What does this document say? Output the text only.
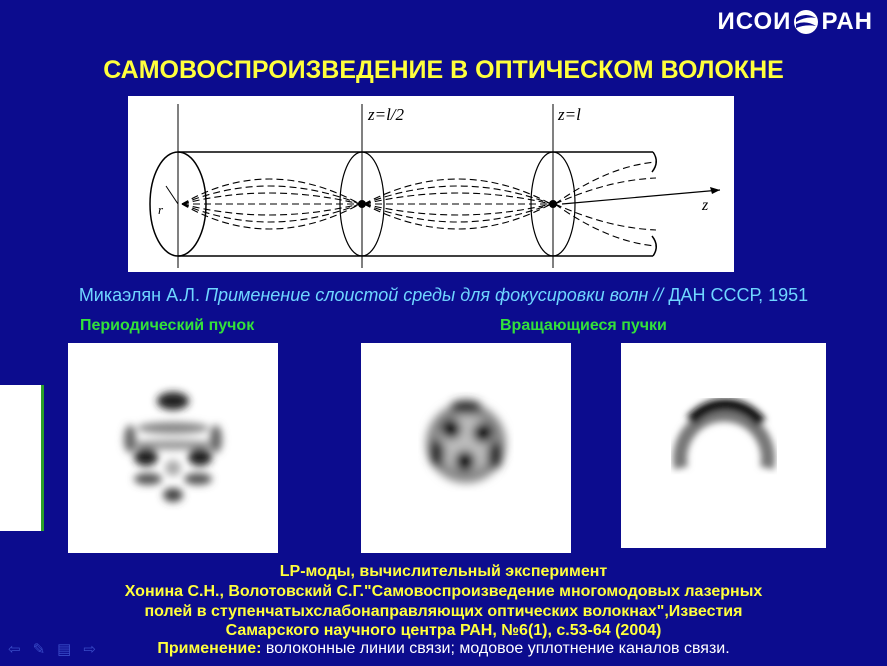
ИСОИ РАН
САМОВОСПРОИЗВЕДЕНИЕ В ОПТИЧЕСКОМ ВОЛОКНЕ
r
z=l/2	z=l
z
Микаэлян А.Л. Применение слоистой среды для фокусировки волн // ДАН СССР, 1951
Периодический пучок	Вращающиеся пучки
LP-моды, вычислительный эксперимент
Хонина С.Н., Волотовский С.Г."Самовоспроизведение многомодовых лазерных
полей в ступенчатыхслабонаправляющих оптических волокнах",Известия
Самарского научного центра РАН, №6(1), с.53-64 (2004)
Применение: волоконные линии связи; модовое уплотнение каналов связи.
⇦ ✎ ▤ ⇨
